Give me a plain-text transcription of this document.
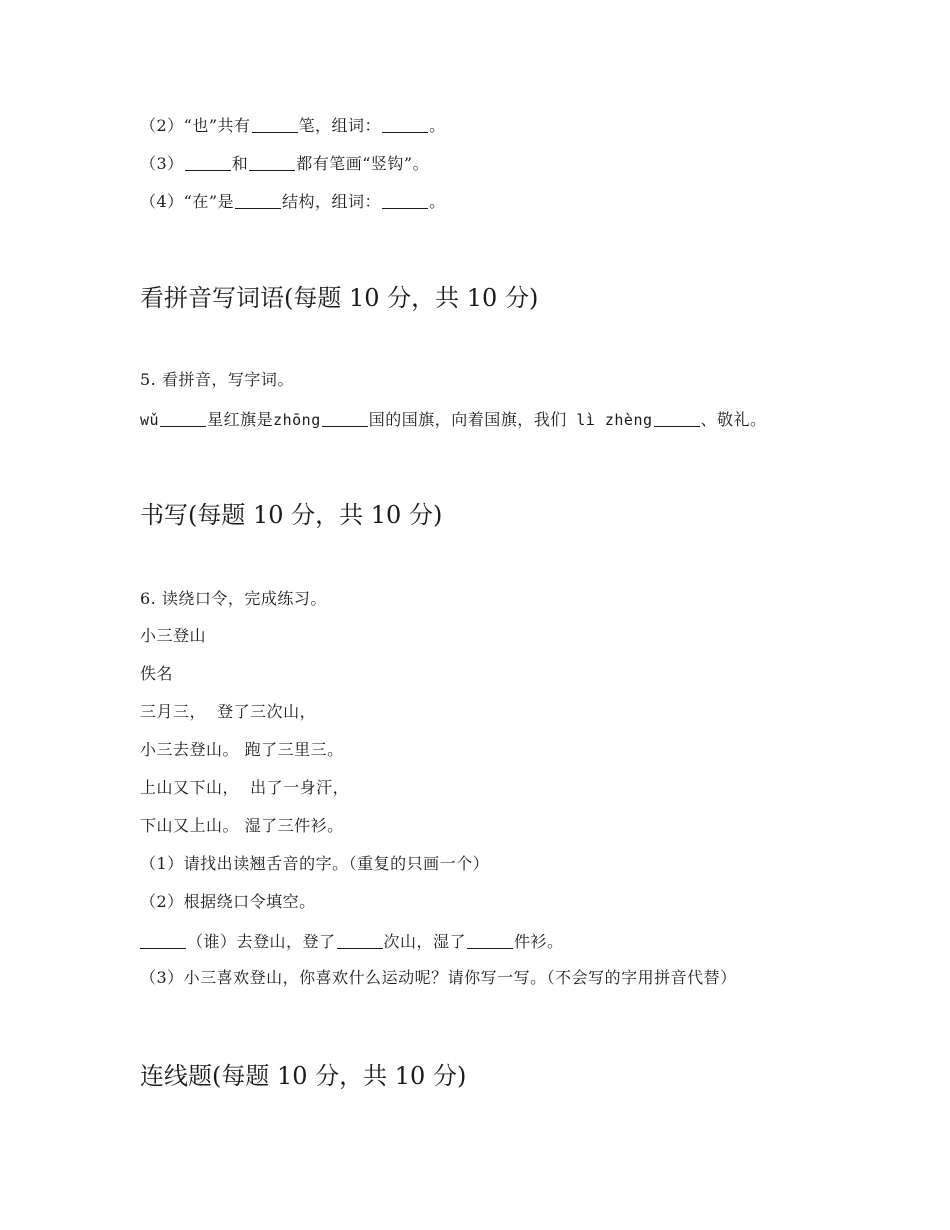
（2）“也”共有	笔，组词：	。
（3）	和	都有笔画“竖钩”。
（4）“在”是	结构，组词：	。
看拼音写词语(每题 10 分，共 10 分)
5. 看拼音，写字词。
wǔ	星红旗是zhōng	国的国旗，向着国旗，我们 lì zhèng	、敬礼。
书写(每题 10 分，共 10 分)
6. 读绕口令，完成练习。
小三登山
佚名
三月三，  登了三次山，
小三去登山。 跑了三里三。
上山又下山，  出了一身汗，
下山又上山。 湿了三件衫。
（1）请找出读翘舌音的字。（重复的只画一个）
（2）根据绕口令填空。
（谁）去登山，登了	次山，湿了	件衫。
（3）小三喜欢登山，你喜欢什么运动呢？请你写一写。（不会写的字用拼音代替）
连线题(每题 10 分，共 10 分)
